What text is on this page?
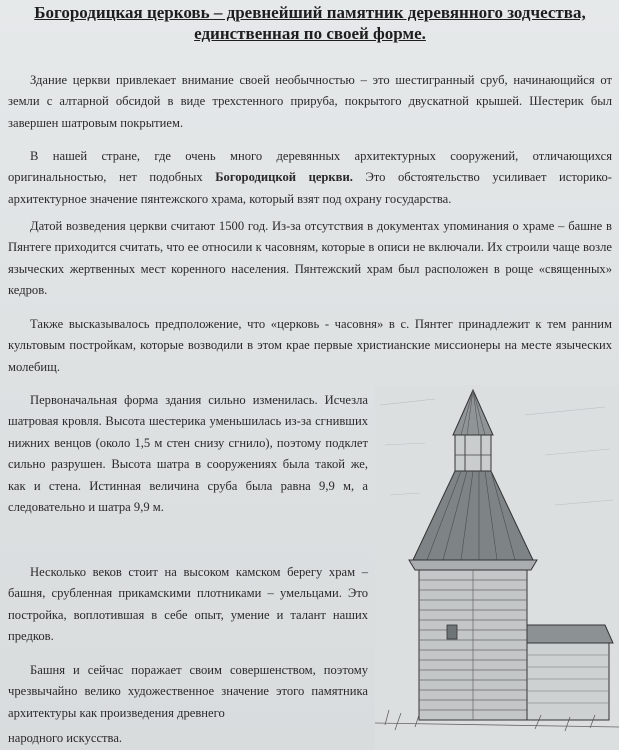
Богородицкая церковь – древнейший памятник деревянного зодчества, единственная по своей форме.
Здание церкви привлекает внимание своей необычностью – это шестигранный сруб, начинающийся от земли с алтарной обсидой в виде трехстенного прируба, покрытого двускатной крышей. Шестерик был завершен шатровым покрытием.
В нашей стране, где очень много деревянных архитектурных сооружений, отличающихся оригинальностью, нет подобных Богородицкой церкви. Это обстоятельство усиливает историко-архитектурное значение пянтежского храма, который взят под охрану государства.
Датой возведения церкви считают 1500 год. Из-за отсутствия в документах упоминания о храме – башне в Пянтеге приходится считать, что ее относили к часовням, которые в описи не включали. Их строили чаще возле языческих жертвенных мест коренного населения. Пянтежский храм был расположен в роще «священных» кедров.
Также высказывалось предположение, что «церковь - часовня» в с. Пянтег принадлежит к тем ранним культовым постройкам, которые возводили в этом крае первые христианские миссионеры на месте языческих молебищ.
Первоначальная форма здания сильно изменилась. Исчезла шатровая кровля. Высота шестерика уменьшилась из-за сгнивших нижних венцов (около 1,5 м стен снизу сгнило), поэтому подклет сильно разрушен. Высота шатра в сооружениях была такой же, как и стена. Истинная величина сруба была равна 9,9 м, а следовательно и шатра 9,9 м.
Несколько веков стоит на высоком камском берегу храм – башня, срубленная прикамскими плотниками – умельцами. Это постройка, воплотившая в себе опыт, умение и талант наших предков.
Башня и сейчас поражает своим совершенством, поэтому чрезвычайно велико художественное значение этого памятника архитектуры как произведения древнего
народного искусства.
